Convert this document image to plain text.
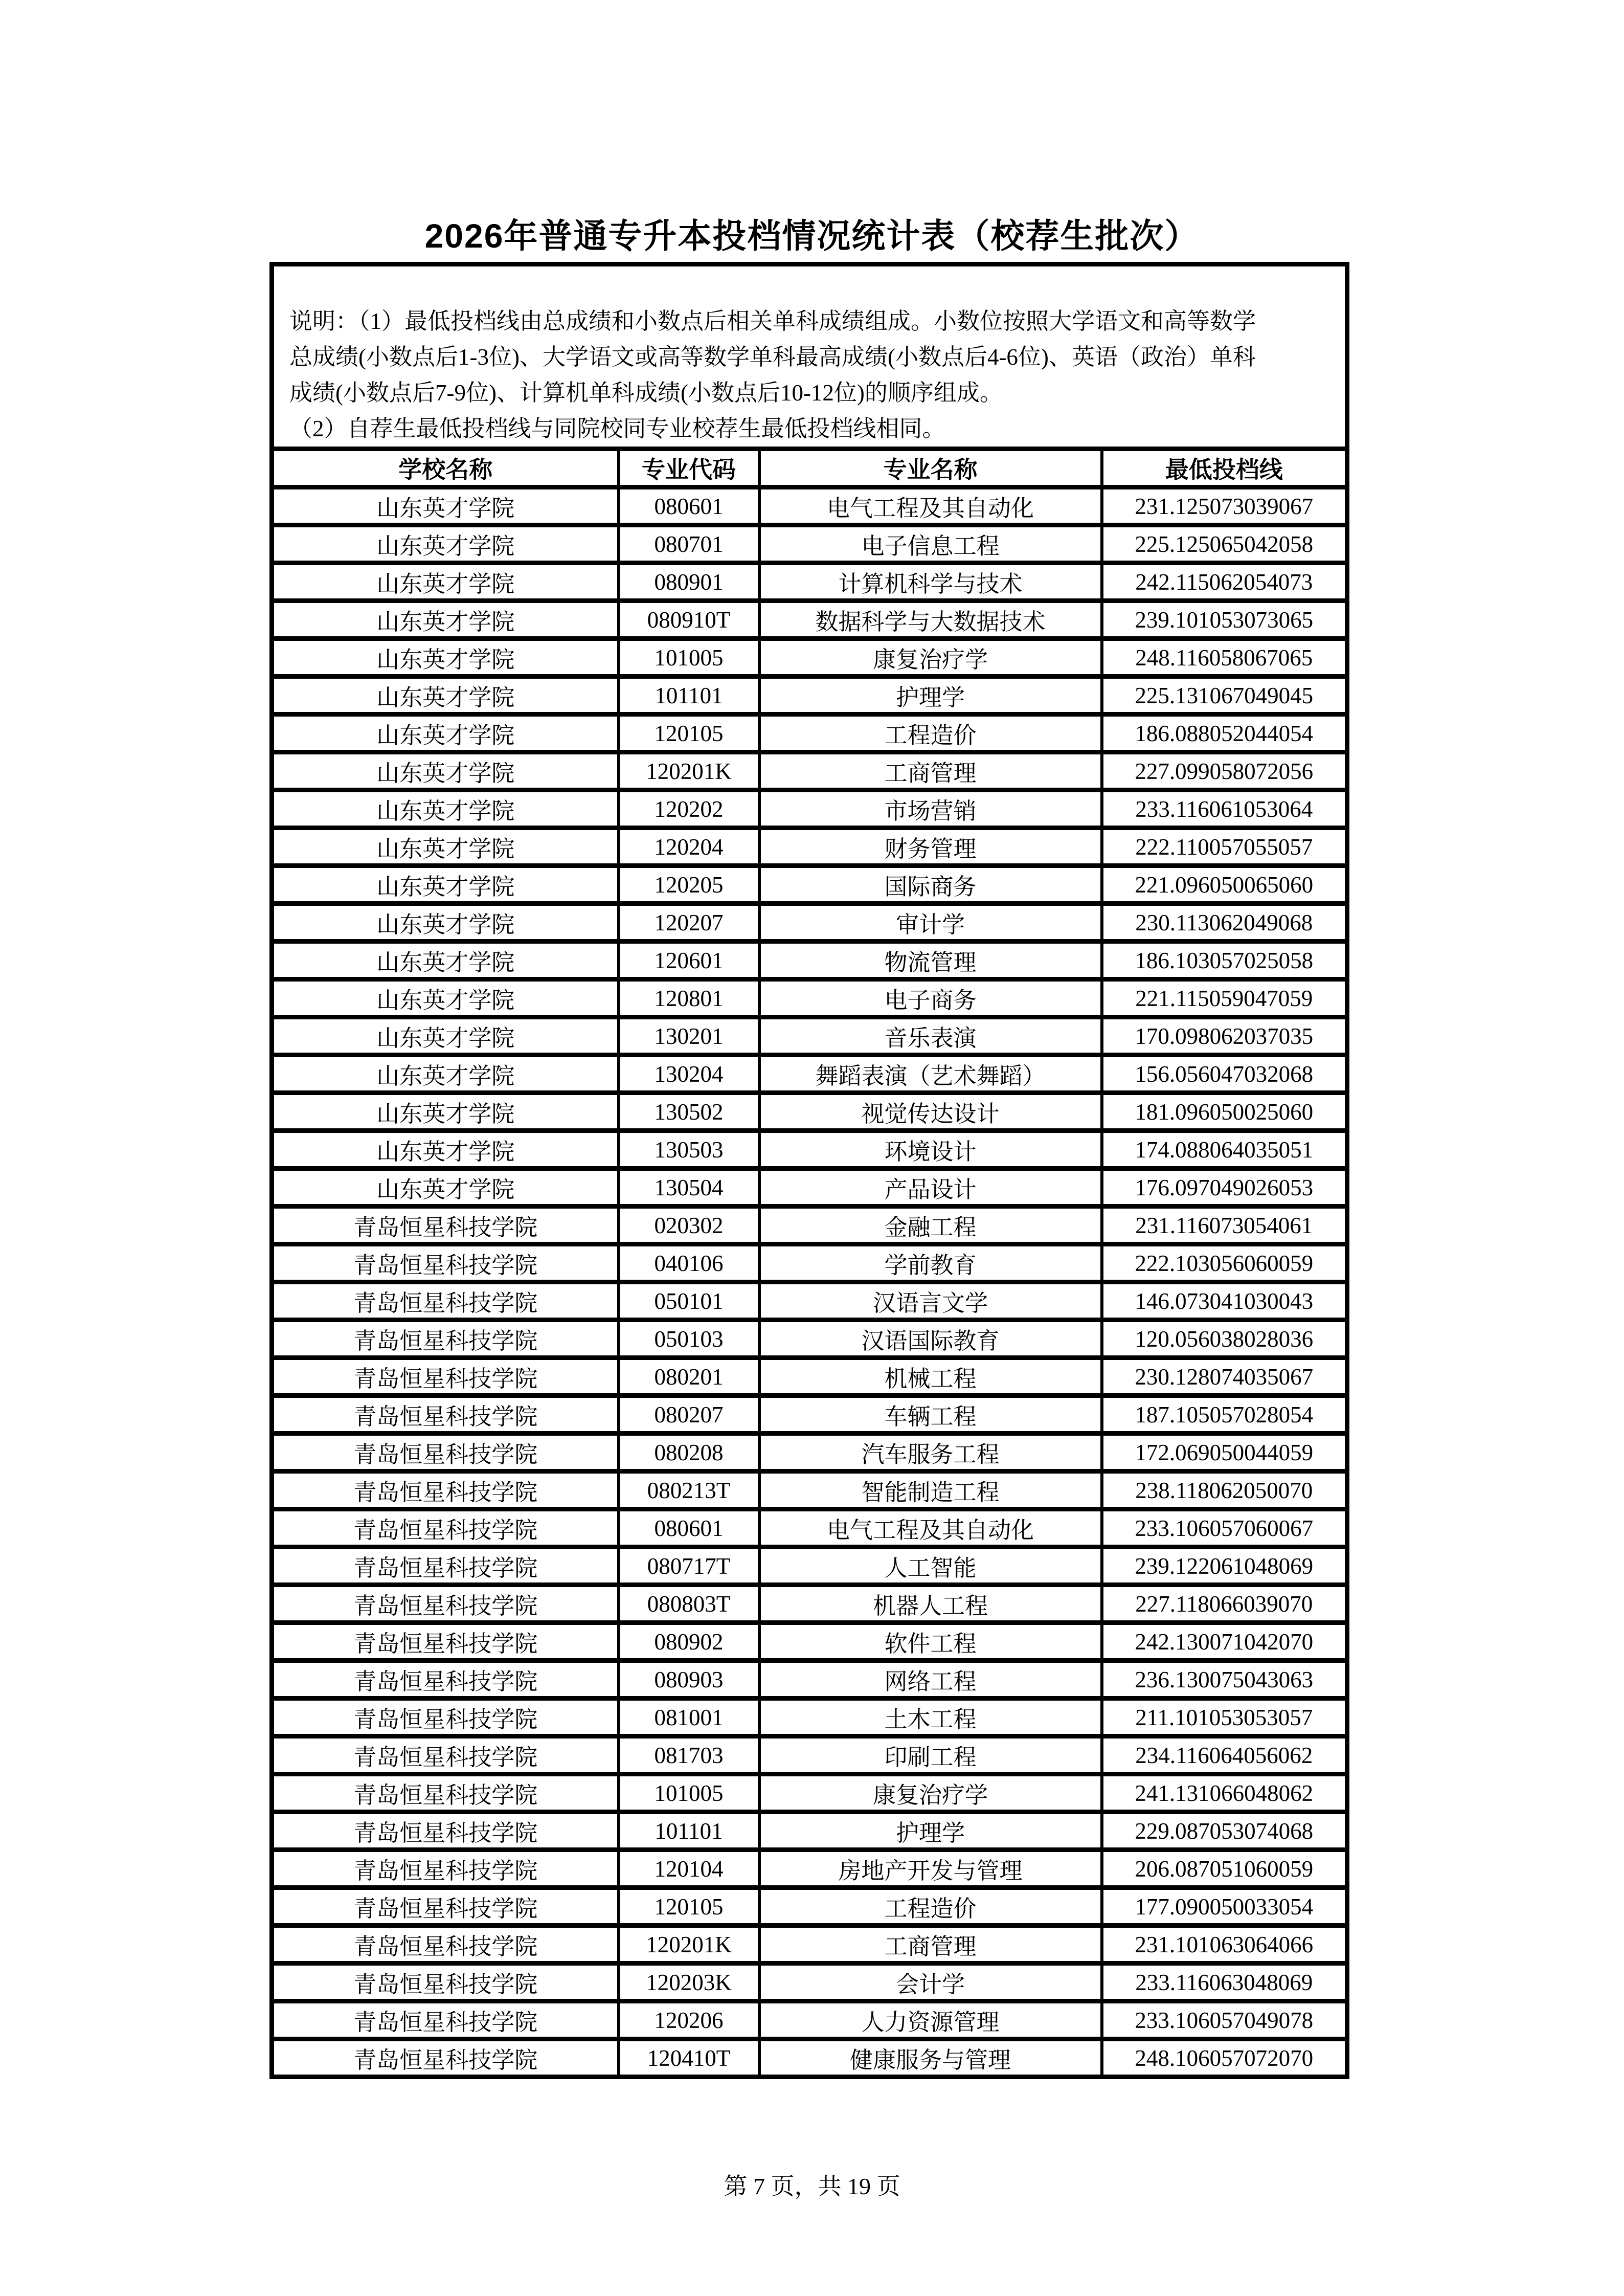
2026年普通专升本投档情况统计表（校荐生批次）
说明：（1）最低投档线由总成绩和小数点后相关单科成绩组成。小数位按照大学语文和高等数学
总成绩(小数点后1-3位)、大学语文或高等数学单科最高成绩(小数点后4-6位)、英语（政治）单科
成绩(小数点后7-9位)、计算机单科成绩(小数点后10-12位)的顺序组成。
（2）自荐生最低投档线与同院校同专业校荐生最低投档线相同。			

学校名称	专业代码	专业名称	最低投档线
山东英才学院	080601	电气工程及其自动化	231.125073039067
山东英才学院	080701	电子信息工程	225.125065042058
山东英才学院	080901	计算机科学与技术	242.115062054073
山东英才学院	080910T	数据科学与大数据技术	239.101053073065
山东英才学院	101005	康复治疗学	248.116058067065
山东英才学院	101101	护理学	225.131067049045
山东英才学院	120105	工程造价	186.088052044054
山东英才学院	120201K	工商管理	227.099058072056
山东英才学院	120202	市场营销	233.116061053064
山东英才学院	120204	财务管理	222.110057055057
山东英才学院	120205	国际商务	221.096050065060
山东英才学院	120207	审计学	230.113062049068
山东英才学院	120601	物流管理	186.103057025058
山东英才学院	120801	电子商务	221.115059047059
山东英才学院	130201	音乐表演	170.098062037035
山东英才学院	130204	舞蹈表演（艺术舞蹈）	156.056047032068
山东英才学院	130502	视觉传达设计	181.096050025060
山东英才学院	130503	环境设计	174.088064035051
山东英才学院	130504	产品设计	176.097049026053
青岛恒星科技学院	020302	金融工程	231.116073054061
青岛恒星科技学院	040106	学前教育	222.103056060059
青岛恒星科技学院	050101	汉语言文学	146.073041030043
青岛恒星科技学院	050103	汉语国际教育	120.056038028036
青岛恒星科技学院	080201	机械工程	230.128074035067
青岛恒星科技学院	080207	车辆工程	187.105057028054
青岛恒星科技学院	080208	汽车服务工程	172.069050044059
青岛恒星科技学院	080213T	智能制造工程	238.118062050070
青岛恒星科技学院	080601	电气工程及其自动化	233.106057060067
青岛恒星科技学院	080717T	人工智能	239.122061048069
青岛恒星科技学院	080803T	机器人工程	227.118066039070
青岛恒星科技学院	080902	软件工程	242.130071042070
青岛恒星科技学院	080903	网络工程	236.130075043063
青岛恒星科技学院	081001	土木工程	211.101053053057
青岛恒星科技学院	081703	印刷工程	234.116064056062
青岛恒星科技学院	101005	康复治疗学	241.131066048062
青岛恒星科技学院	101101	护理学	229.087053074068
青岛恒星科技学院	120104	房地产开发与管理	206.087051060059
青岛恒星科技学院	120105	工程造价	177.090050033054
青岛恒星科技学院	120201K	工商管理	231.101063064066
青岛恒星科技学院	120203K	会计学	233.116063048069
青岛恒星科技学院	120206	人力资源管理	233.106057049078
青岛恒星科技学院	120410T	健康服务与管理	248.106057072070
第 7 页，共 19 页
